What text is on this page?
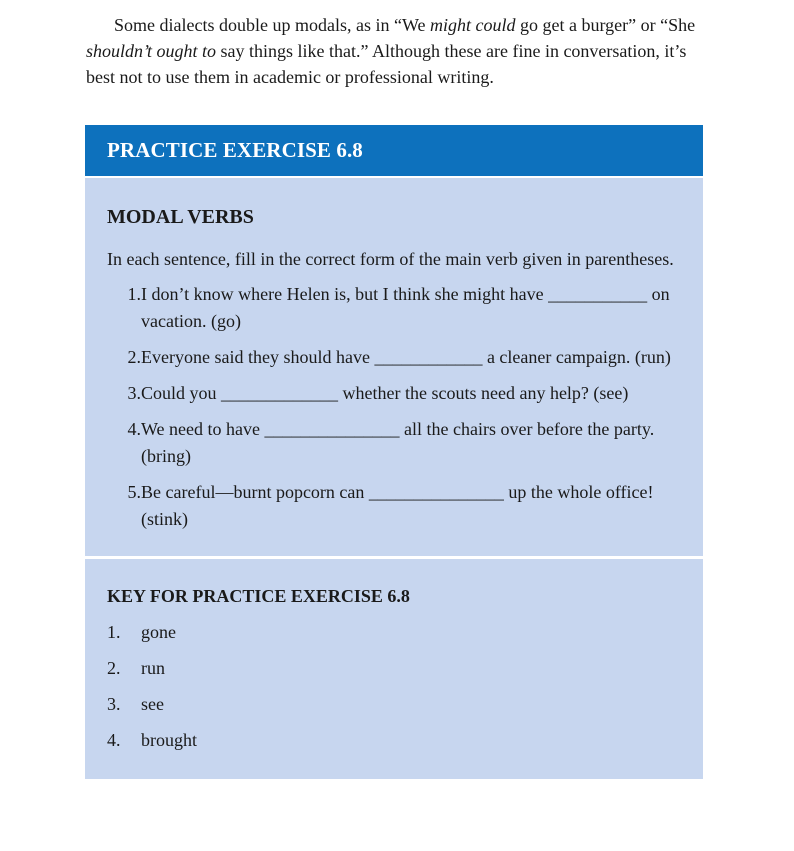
Some dialects double up modals, as in “We might could go get a burger” or “She shouldn’t ought to say things like that.” Although these are fine in conversation, it’s best not to use them in academic or professional writing.

PRACTICE EXERCISE 6.8
MODAL VERBS

In each sentence, fill in the correct form of the main verb given in parentheses.

1. I don’t know where Helen is, but I think she might have ___________ on vacation. (go)
2. Everyone said they should have ____________ a cleaner campaign. (run)
3. Could you _____________ whether the scouts need any help? (see)
4. We need to have _______________ all the chairs over before the party. (bring)
5. Be careful—burnt popcorn can _______________ up the whole office! (stink)
KEY FOR PRACTICE EXERCISE 6.8
1.	gone
2.	run
3.	see
4.	brought
